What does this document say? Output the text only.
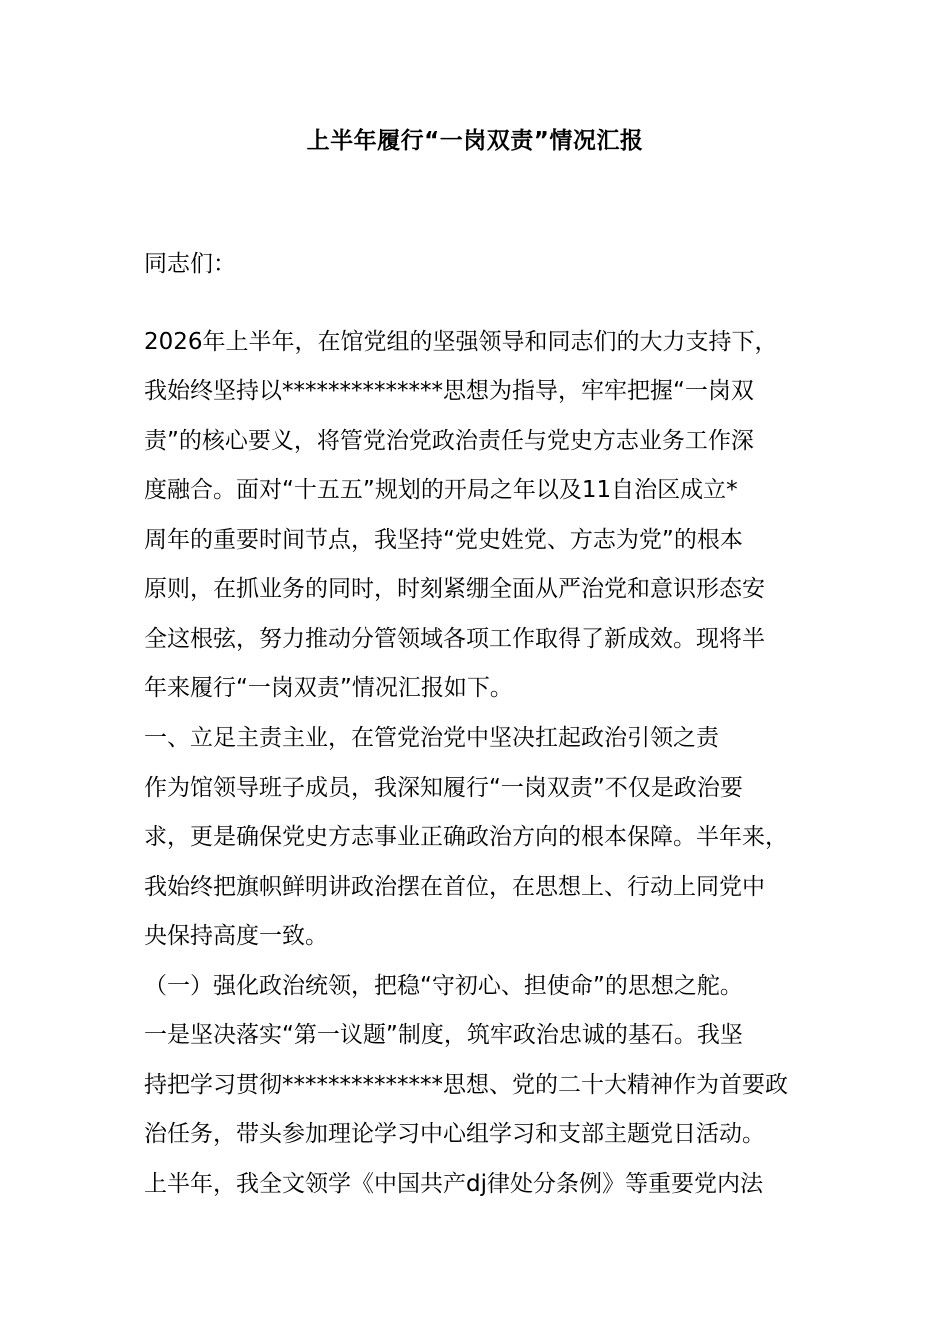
上半年履行“一岗双责”情况汇报
同志们：
2026年上半年，在馆党组的坚强领导和同志们的大力支持下，
我始终坚持以**************思想为指导，牢牢把握“一岗双
责”的核心要义，将管党治党政治责任与党史方志业务工作深
度融合。面对“十五五”规划的开局之年以及11自治区成立*
周年的重要时间节点，我坚持“党史姓党、方志为党”的根本
原则，在抓业务的同时，时刻紧绷全面从严治党和意识形态安
全这根弦，努力推动分管领域各项工作取得了新成效。现将半
年来履行“一岗双责”情况汇报如下。
一、立足主责主业，在管党治党中坚决扛起政治引领之责
作为馆领导班子成员，我深知履行“一岗双责”不仅是政治要
求，更是确保党史方志事业正确政治方向的根本保障。半年来，
我始终把旗帜鲜明讲政治摆在首位，在思想上、行动上同党中
央保持高度一致。
（一）强化政治统领，把稳“守初心、担使命”的思想之舵。
一是坚决落实“第一议题”制度，筑牢政治忠诚的基石。我坚
持把学习贯彻**************思想、党的二十大精神作为首要政
治任务，带头参加理论学习中心组学习和支部主题党日活动。
上半年，我全文领学《中国共产dj律处分条例》等重要党内法
